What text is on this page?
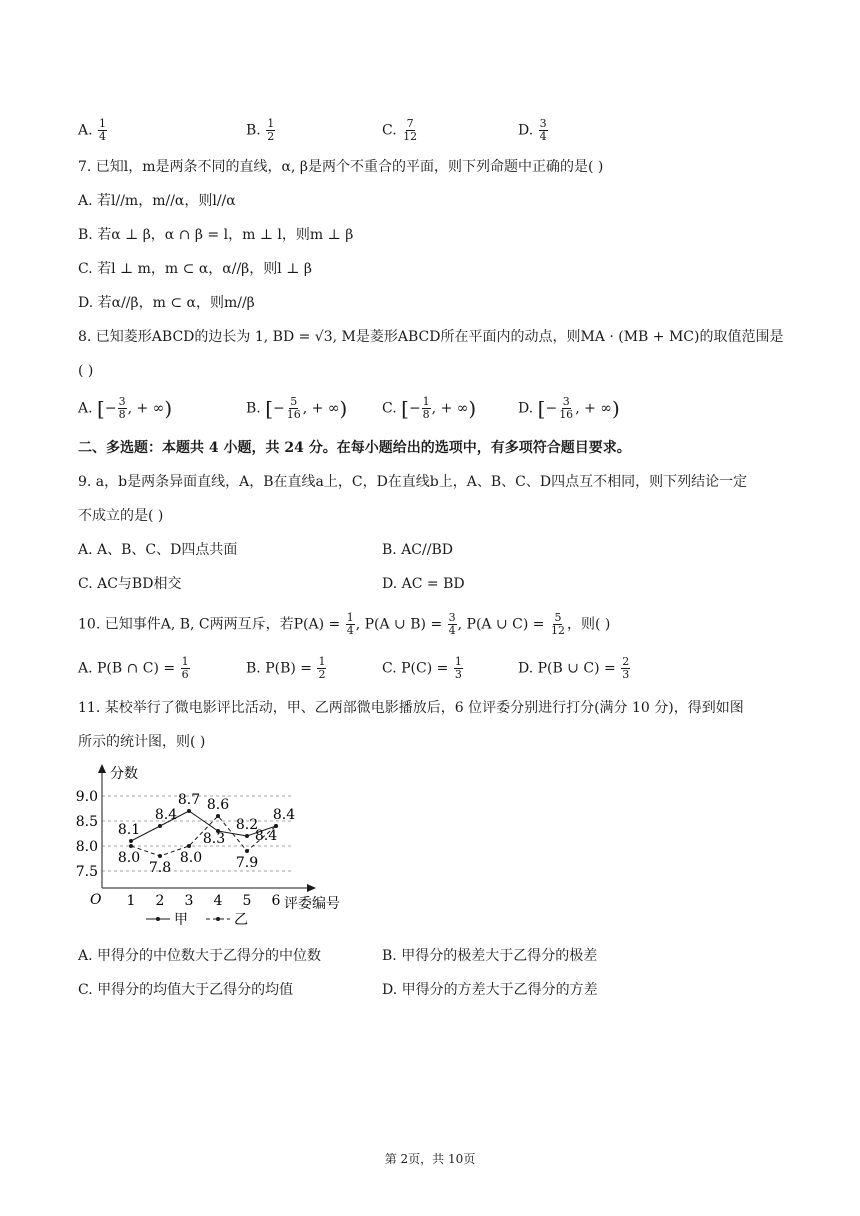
A. $\frac{1}{4}$	B. $\frac{1}{2}$	C. $\frac{7}{12}$	D. $\frac{3}{4}$
7. 已知l，m是两条不同的直线，α, β是两个不重合的平面，则下列命题中正确的是( )
A. 若l//m，m//α，则l//α
B. 若α ⊥ β，α ∩ β = l，m ⊥ l，则m ⊥ β
C. 若l ⊥ m，m ⊂ α，α//β，则l ⊥ β
D. 若α//β，m ⊂ α，则m//β
8. 已知菱形ABCD的边长为 1, BD = √3, M是菱形ABCD所在平面内的动点，则MA · (MB + MC)的取值范围是
( )
A. [− $\frac{3}{8}$ , + ∞)	B. [− $\frac{5}{16}$ , + ∞) C. [− $\frac{1}{8}$ , + ∞)	D. [− $\frac{3}{16}$ , + ∞)
二、多选题：本题共 4 小题，共 24 分。在每小题给出的选项中，有多项符合题目要求。
9. a，b是两条异面直线，A，B在直线a上，C，D在直线b上，A、B、C、D四点互不相同，则下列结论一定
不成立的是( )
A. A、B、C、D四点共面	B. AC//BD
C. AC与BD相交	D. AC = BD
10. 已知事件A, B, C两两互斥，若$P(A) = \frac{1}{4}$ , P(A ∪ $B) = \frac{3}{4}$ , P(A ∪ $C) = \frac{5}{12}$ ，则( )
A. P(B ∩ $C) = \frac{1}{6}$	B. $P(B) = \frac{1}{2}$	C. $P(C) = \frac{1}{3}$	D. P(B ∪ $C) = \frac{2}{3}$
11. 某校举行了微电影评比活动，甲、乙两部微电影播放后，6 位评委分别进行打分(满分 10 分)，得到如图
所示的统计图，则( )
分数
评委编号
O
7.5
8.0
8.5
9.0
1 2 3 4 5 6
8.1
8.4
8.7
8.3
8.2
8.4
8.0
7.8
8.0
8.6
7.9
8.4
甲	乙
A. 甲得分的中位数大于乙得分的中位数	B. 甲得分的极差大于乙得分的极差
C. 甲得分的均值大于乙得分的均值	D. 甲得分的方差大于乙得分的方差
第 2页，共 10页
